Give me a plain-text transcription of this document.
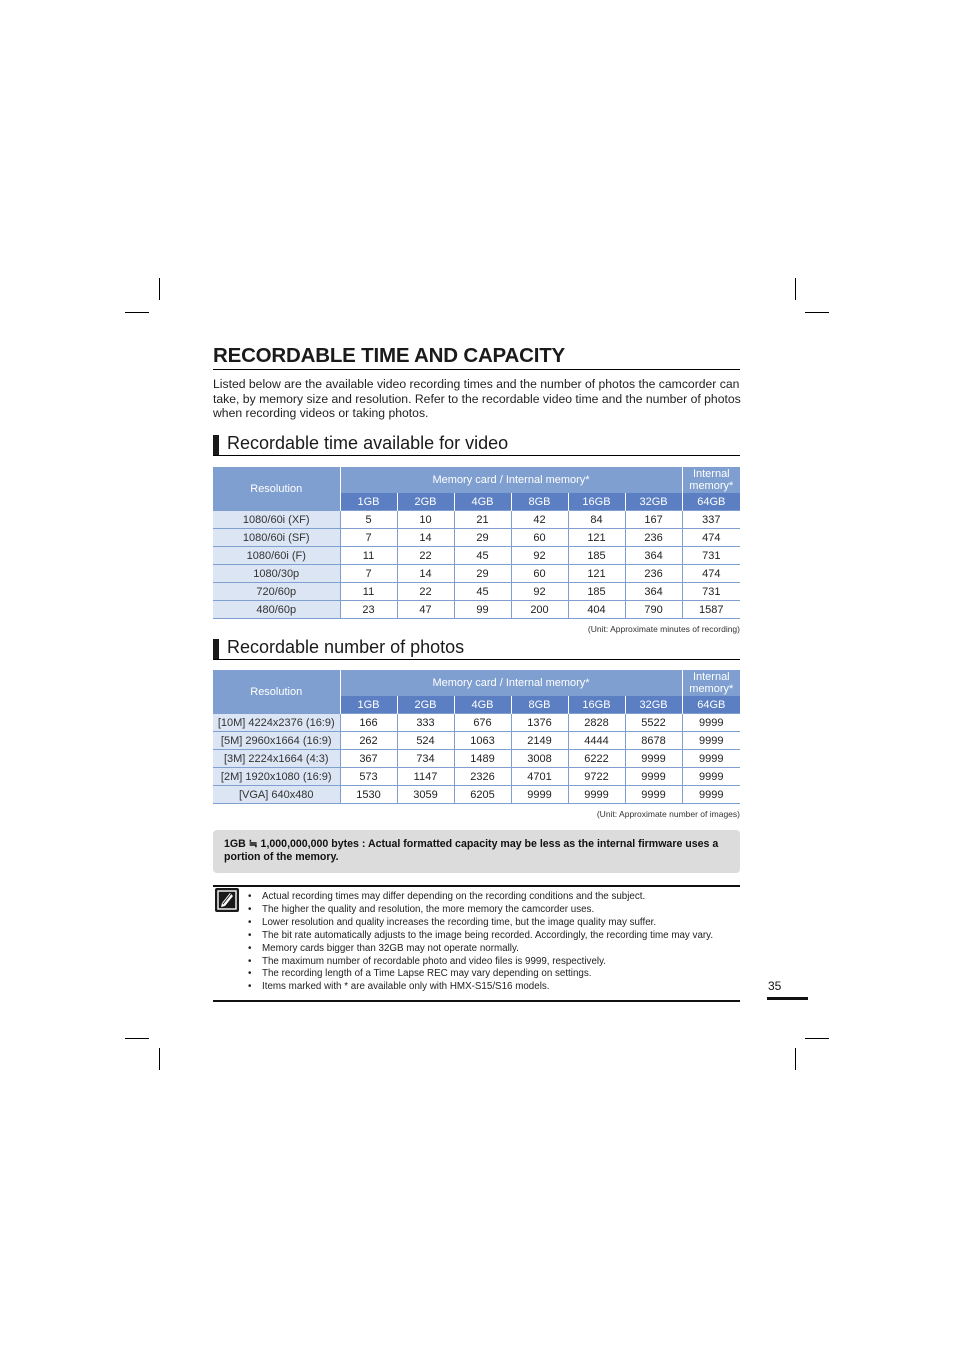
RECORDABLE TIME AND CAPACITY
Listed below are the available video recording times and the number of photos the camcorder can take, by memory size and resolution. Refer to the recordable video time and the number of photos when recording videos or taking photos.
Recordable time available for video
Resolution	Memory card / Internal memory*						Internal memory*
	1GB	2GB	4GB	8GB	16GB	32GB	64GB
1080/60i (XF)	5	10	21	42	84	167	337
1080/60i (SF)	7	14	29	60	121	236	474
1080/60i (F)	11	22	45	92	185	364	731
1080/30p	7	14	29	60	121	236	474
720/60p	11	22	45	92	185	364	731
480/60p	23	47	99	200	404	790	1587
(Unit: Approximate minutes of recording)
Recordable number of photos
Resolution	Memory card / Internal memory*						Internal memory*
	1GB	2GB	4GB	8GB	16GB	32GB	64GB
[10M] 4224x2376 (16:9)	166	333	676	1376	2828	5522	9999
[5M] 2960x1664 (16:9)	262	524	1063	2149	4444	8678	9999
[3M] 2224x1664 (4:3)	367	734	1489	3008	6222	9999	9999
[2M] 1920x1080 (16:9)	573	1147	2326	4701	9722	9999	9999
[VGA] 640x480	1530	3059	6205	9999	9999	9999	9999
(Unit: Approximate number of images)
1GB ≒ 1,000,000,000 bytes : Actual formatted capacity may be less as the internal firmware uses a portion of the memory.
• Actual recording times may differ depending on the recording conditions and the subject.
• The higher the quality and resolution, the more memory the camcorder uses.
• Lower resolution and quality increases the recording time, but the image quality may suffer.
• The bit rate automatically adjusts to the image being recorded. Accordingly, the recording time may vary.
• Memory cards bigger than 32GB may not operate normally.
• The maximum number of recordable photo and video files is 9999, respectively.
• The recording length of a Time Lapse REC may vary depending on settings.
• Items marked with * are available only with HMX-S15/S16 models.	35
